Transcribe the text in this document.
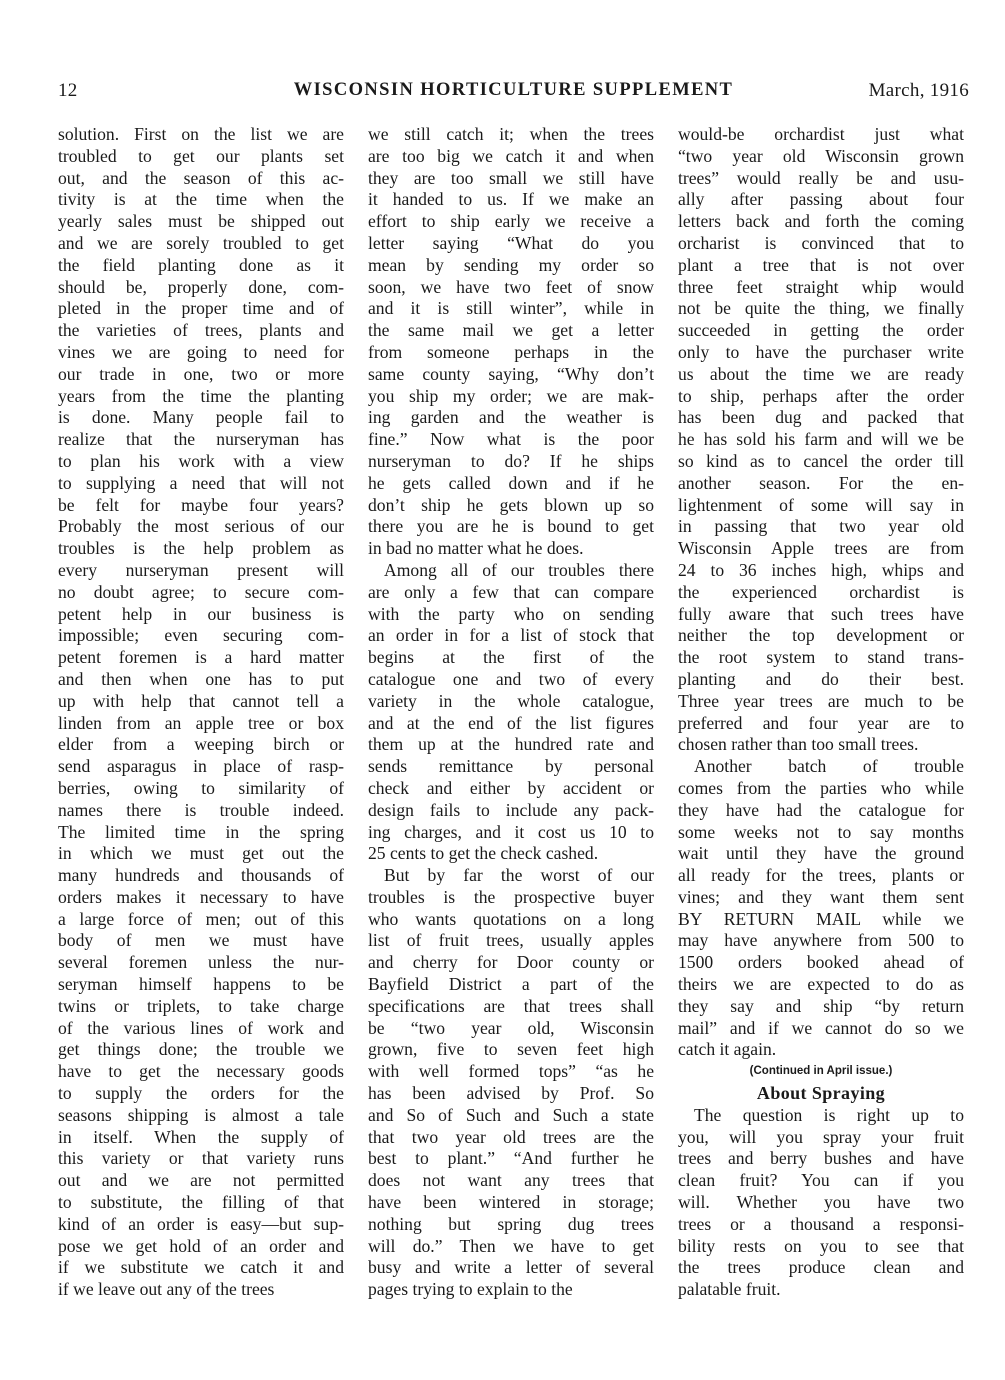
12	WISCONSIN HORTICULTURE SUPPLEMENT	March, 1916
solution. First on the list we are
troubled to get our plants set
out, and the season of this ac-
tivity is at the time when the
yearly sales must be shipped out
and we are sorely troubled to get
the field planting done as it
should be, properly done, com-
pleted in the proper time and of
the varieties of trees, plants and
vines we are going to need for
our trade in one, two or more
years from the time the planting
is done. Many people fail to
realize that the nurseryman has
to plan his work with a view
to supplying a need that will not
be felt for maybe four years?
Probably the most serious of our
troubles is the help problem as
every nurseryman present will
no doubt agree; to secure com-
petent help in our business is
impossible; even securing com-
petent foremen is a hard matter
and then when one has to put
up with help that cannot tell a
linden from an apple tree or box
elder from a weeping birch or
send asparagus in place of rasp-
berries, owing to similarity of
names there is trouble indeed.
The limited time in the spring
in which we must get out the
many hundreds and thousands of
orders makes it necessary to have
a large force of men; out of this
body of men we must have
several foremen unless the nur-
seryman himself happens to be
twins or triplets, to take charge
of the various lines of work and
get things done; the trouble we
have to get the necessary goods
to supply the orders for the
seasons shipping is almost a tale
in itself. When the supply of
this variety or that variety runs
out and we are not permitted
to substitute, the filling of that
kind of an order is easy—but sup-
pose we get hold of an order and
if we substitute we catch it and
if we leave out any of the trees
we still catch it; when the trees
are too big we catch it and when
they are too small we still have
it handed to us. If we make an
effort to ship early we receive a
letter saying “What do you
mean by sending my order so
soon, we have two feet of snow
and it is still winter”, while in
the same mail we get a letter
from someone perhaps in the
same county saying, “Why don’t
you ship my order; we are mak-
ing garden and the weather is
fine.” Now what is the poor
nurseryman to do? If he ships
he gets called down and if he
don’t ship he gets blown up so
there you are he is bound to get
in bad no matter what he does.
Among all of our troubles there
are only a few that can compare
with the party who on sending
an order in for a list of stock that
begins at the first of the
catalogue one and two of every
variety in the whole catalogue,
and at the end of the list figures
them up at the hundred rate and
sends remittance by personal
check and either by accident or
design fails to include any pack-
ing charges, and it cost us 10 to
25 cents to get the check cashed.
But by far the worst of our
troubles is the prospective buyer
who wants quotations on a long
list of fruit trees, usually apples
and cherry for Door county or
Bayfield District a part of the
specifications are that trees shall
be “two year old, Wisconsin
grown, five to seven feet high
with well formed tops” “as he
has been advised by Prof. So
and So of Such and Such a state
that two year old trees are the
best to plant.” “And further he
does not want any trees that
have been wintered in storage;
nothing but spring dug trees
will do.” Then we have to get
busy and write a letter of several
pages trying to explain to the
would-be orchardist just what
“two year old Wisconsin grown
trees” would really be and usu-
ally after passing about four
letters back and forth the coming
orcharist is convinced that to
plant a tree that is not over
three feet straight whip would
not be quite the thing, we finally
succeeded in getting the order
only to have the purchaser write
us about the time we are ready
to ship, perhaps after the order
has been dug and packed that
he has sold his farm and will we be
so kind as to cancel the order till
another season. For the en-
lightenment of some will say in
in passing that two year old
Wisconsin Apple trees are from
24 to 36 inches high, whips and
the experienced orchardist is
fully aware that such trees have
neither the top development or
the root system to stand trans-
planting and do their best.
Three year trees are much to be
preferred and four year are to
chosen rather than too small trees.
Another batch of trouble
comes from the parties who while
they have had the catalogue for
some weeks not to say months
wait until they have the ground
all ready for the trees, plants or
vines; and they want them sent
BY RETURN MAIL while we
may have anywhere from 500 to
1500 orders booked ahead of
theirs we are expected to do as
they say and ship “by return
mail” and if we cannot do so we
catch it again.
(Continued in April issue.)
About Spraying
The question is right up to
you, will you spray your fruit
trees and berry bushes and have
clean fruit? You can if you
will. Whether you have two
trees or a thousand a responsi-
bility rests on you to see that
the trees produce clean and
palatable fruit.
